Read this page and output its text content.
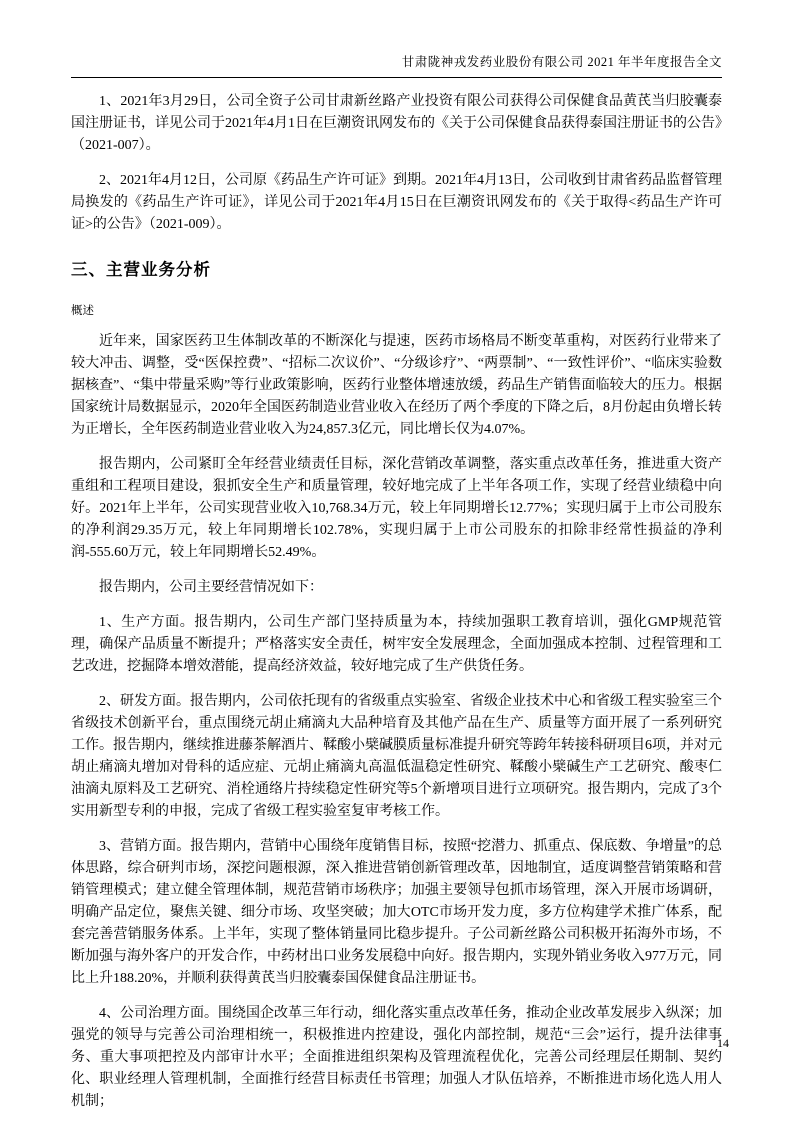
甘肃陇神戎发药业股份有限公司 2021 年半年度报告全文

1、2021年3月29日，公司全资子公司甘肃新丝路产业投资有限公司获得公司保健食品黄芪当归胶囊泰国注册证书，详见公司于2021年4月1日在巨潮资讯网发布的《关于公司保健食品获得泰国注册证书的公告》（2021-007）。

2、2021年4月12日，公司原《药品生产许可证》到期。2021年4月13日，公司收到甘肃省药品监督管理局换发的《药品生产许可证》，详见公司于2021年4月15日在巨潮资讯网发布的《关于取得<药品生产许可证>的公告》（2021-009）。

三、主营业务分析
概述

近年来，国家医药卫生体制改革的不断深化与提速，医药市场格局不断变革重构，对医药行业带来了较大冲击、调整，受“医保控费”、“招标二次议价”、“分级诊疗”、“两票制”、“一致性评价”、“临床实验数据核查”、“集中带量采购”等行业政策影响，医药行业整体增速放缓，药品生产销售面临较大的压力。根据国家统计局数据显示，2020年全国医药制造业营业收入在经历了两个季度的下降之后，8月份起由负增长转为正增长，全年医药制造业营业收入为24,857.3亿元，同比增长仅为4.07%。

报告期内，公司紧盯全年经营业绩责任目标，深化营销改革调整，落实重点改革任务，推进重大资产重组和工程项目建设，狠抓安全生产和质量管理，较好地完成了上半年各项工作，实现了经营业绩稳中向好。2021年上半年，公司实现营业收入10,768.34万元，较上年同期增长12.77%；实现归属于上市公司股东的净利润29.35万元，较上年同期增长102.78%，实现归属于上市公司股东的扣除非经常性损益的净利润-555.60万元，较上年同期增长52.49%。

报告期内，公司主要经营情况如下：

1、生产方面。报告期内，公司生产部门坚持质量为本，持续加强职工教育培训，强化GMP规范管理，确保产品质量不断提升；严格落实安全责任，树牢安全发展理念，全面加强成本控制、过程管理和工艺改进，挖掘降本增效潜能，提高经济效益，较好地完成了生产供货任务。

2、研发方面。报告期内，公司依托现有的省级重点实验室、省级企业技术中心和省级工程实验室三个省级技术创新平台，重点围绕元胡止痛滴丸大品种培育及其他产品在生产、质量等方面开展了一系列研究工作。报告期内，继续推进藤茶解酒片、鞣酸小檗碱膜质量标准提升研究等跨年转接科研项目6项，并对元胡止痛滴丸增加对骨科的适应症、元胡止痛滴丸高温低温稳定性研究、鞣酸小檗碱生产工艺研究、酸枣仁油滴丸原料及工艺研究、消栓通络片持续稳定性研究等5个新增项目进行立项研究。报告期内，完成了3个实用新型专利的申报，完成了省级工程实验室复审考核工作。

3、营销方面。报告期内，营销中心围绕年度销售目标，按照“挖潜力、抓重点、保底数、争增量”的总体思路，综合研判市场，深挖问题根源，深入推进营销创新管理改革，因地制宜，适度调整营销策略和营销管理模式；建立健全管理体制，规范营销市场秩序；加强主要领导包抓市场管理，深入开展市场调研，明确产品定位，聚焦关键、细分市场、攻坚突破；加大OTC市场开发力度，多方位构建学术推广体系，配套完善营销服务体系。上半年，实现了整体销量同比稳步提升。子公司新丝路公司积极开拓海外市场，不断加强与海外客户的开发合作，中药材出口业务发展稳中向好。报告期内，实现外销业务收入977万元，同比上升188.20%，并顺利获得黄芪当归胶囊泰国保健食品注册证书。

4、公司治理方面。围绕国企改革三年行动，细化落实重点改革任务，推动企业改革发展步入纵深；加强党的领导与完善公司治理相统一，积极推进内控建设，强化内部控制，规范“三会”运行，提升法律事务、重大事项把控及内部审计水平；全面推进组织架构及管理流程优化，完善公司经理层任期制、契约化、职业经理人管理机制，全面推行经营目标责任书管理；加强人才队伍培养，不断推进市场化选人用人机制；

14
